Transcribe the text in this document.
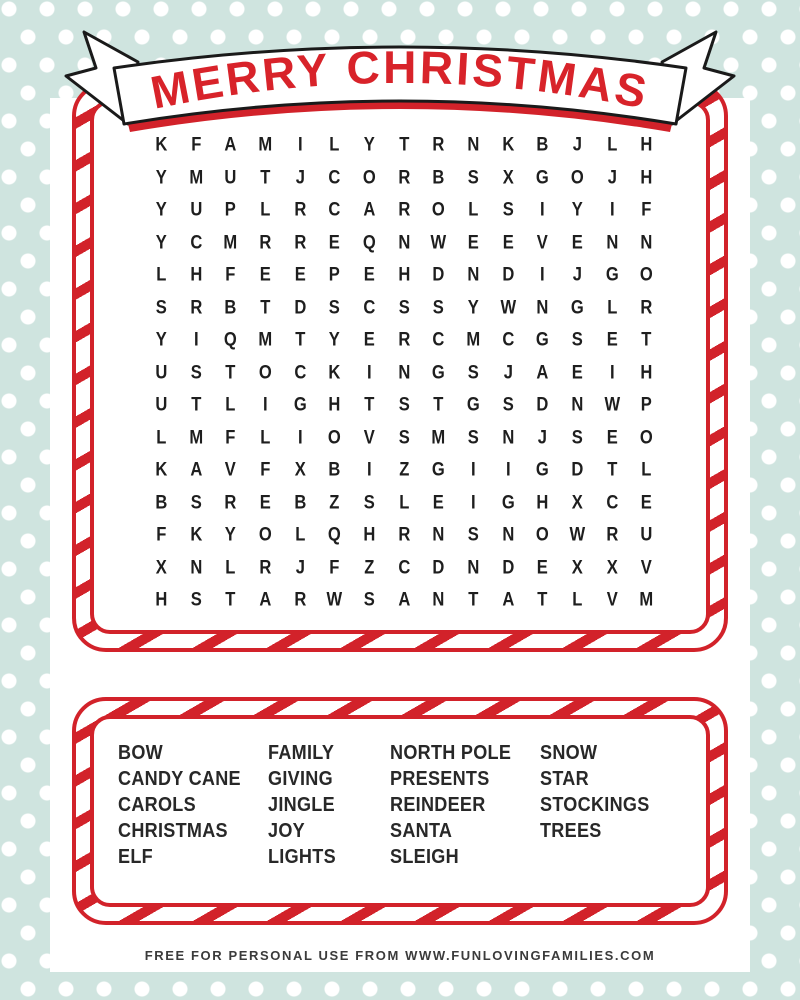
K	F	A	M	I	L	Y	T	R	N	K	B	J	L	H
Y	M	U	T	J	C	O	R	B	S	X	G	O	J	H
Y	U	P	L	R	C	A	R	O	L	S	I	Y	I	F
Y	C	M	R	R	E	Q	N	W	E	E	V	E	N	N
L	H	F	E	E	P	E	H	D	N	D	I	J	G	O
S	R	B	T	D	S	C	S	S	Y	W	N	G	L	R
Y	I	Q	M	T	Y	E	R	C	M	C	G	S	E	T
U	S	T	O	C	K	I	N	G	S	J	A	E	I	H
U	T	L	I	G	H	T	S	T	G	S	D	N	W	P
L	M	F	L	I	O	V	S	M	S	N	J	S	E	O
K	A	V	F	X	B	I	Z	G	I	I	G	D	T	L
B	S	R	E	B	Z	S	L	E	I	G	H	X	C	E
F	K	Y	O	L	Q	H	R	N	S	N	O	W	R	U
X	N	L	R	J	F	Z	C	D	N	D	E	X	X	V
H	S	T	A	R	W	S	A	N	T	A	T	L	V	M
BOW
CANDY CANE
CAROLS
CHRISTMAS
ELF
FAMILY
GIVING
JINGLE
JOY
LIGHTS
NORTH POLE
PRESENTS
REINDEER
SANTA
SLEIGH
SNOW
STAR
STOCKINGS
TREES
MERRY CHRISTMAS
FREE FOR PERSONAL USE FROM WWW.FUNLOVINGFAMILIES.COM
